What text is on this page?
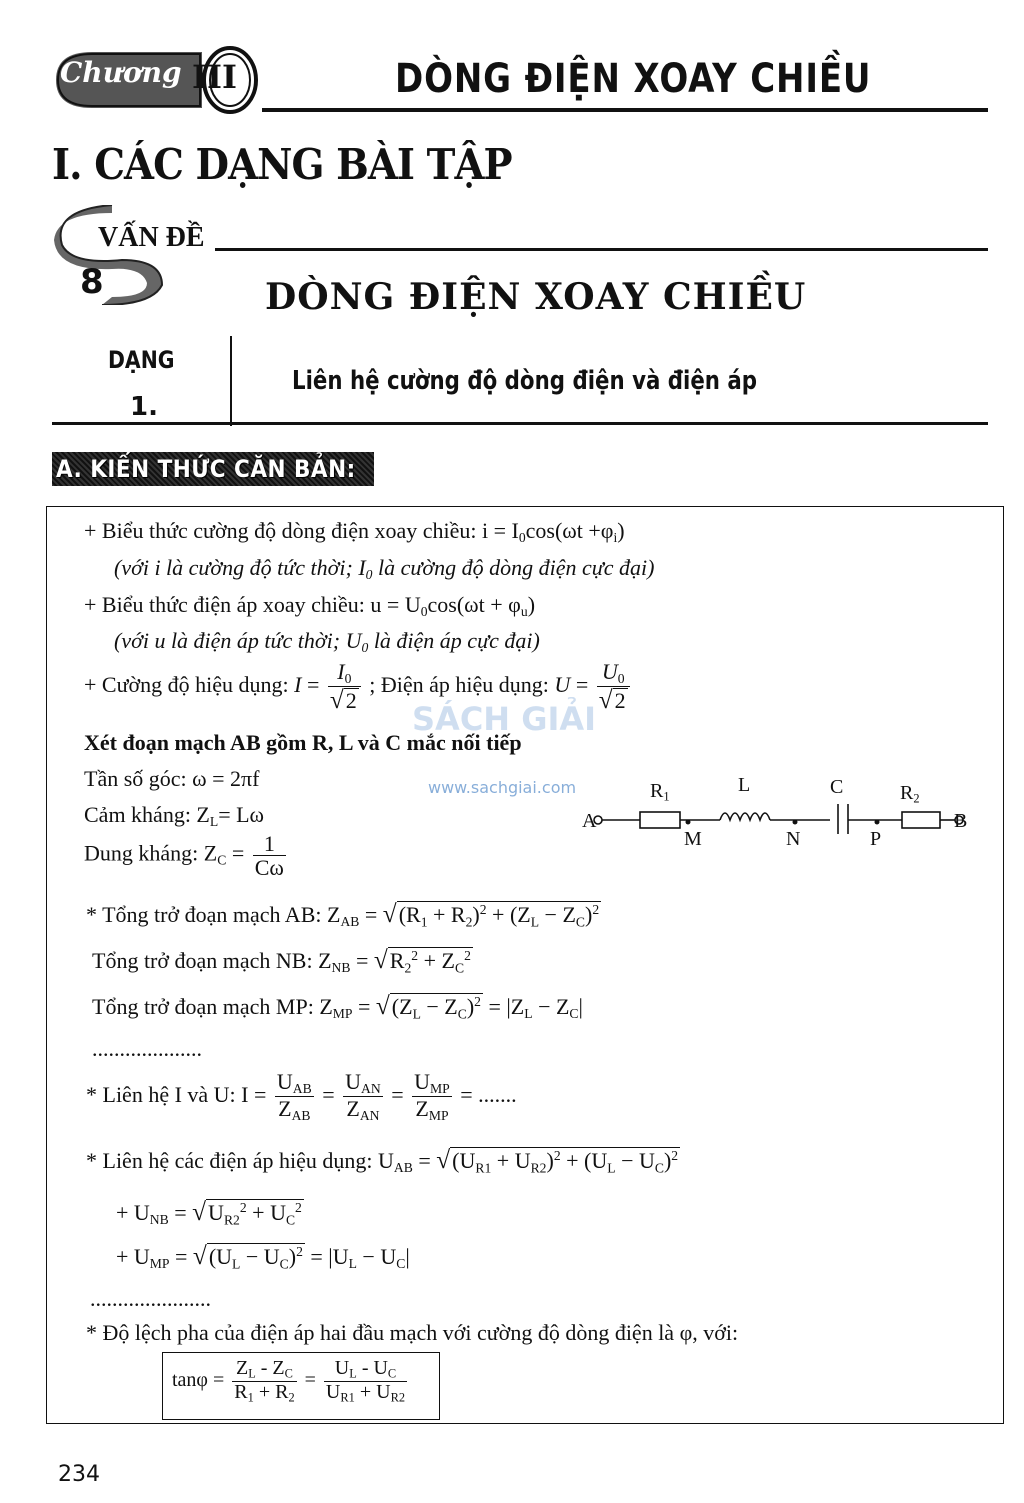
Chương III	DÒNG ĐIỆN XOAY CHIỀU
I. CÁC DẠNG BÀI TẬP
VẤN ĐỀ
8	DÒNG ĐIỆN XOAY CHIỀU
DẠNG
1.
Liên hệ cường độ dòng điện và điện áp
A. KIẾN THỨC CĂN BẢN:
SÁCH GIẢI
www.sachgiai.com
+ Biểu thức cường độ dòng điện xoay chiều: $i = I_0\cos(\omega t +\varphi_i)$
(với i là cường độ tức thời; $I_0$ là cường độ dòng điện cực đại)
+ Biểu thức điện áp xoay chiều: $u = U_0\cos(\omega t + \varphi_u)$
(với u là điện áp tức thời; $U_0$ là điện áp cực đại)
+ Cường độ hiệu dụng: $I = \frac{I_0}{√2}$ ; Điện áp hiệu dụng: $U = \frac{U_0}{√2}$
Xét đoạn mạch AB gồm R, L và C mắc nối tiếp
Tần số góc: ω = 2πf
Cảm kháng: $Z_L= L\omega$
Dung kháng: $Z_C = \frac{1}{C\omega}$
A	B
M	N	P
$R_1$
L	C	$R_2$
* Tổng trở đoạn mạch AB: $Z_{AB} = √(R_1 + R_2)^2 + (Z_L - Z_C)^2$
Tổng trở đoạn mạch NB: $Z_{NB} = √R_2^2 + Z_C^2$
Tổng trở đoạn mạch MP: $Z_{MP} = √(Z_L - Z_C)^2 = |Z_L - Z_C|$
....................
* Liên hệ I và U: $I = \frac{U_{AB}}{Z_{AB}} = \frac{U_{AN}}{Z_{AN}} = \frac{U_{MP}}{Z_{MP}}$ = .......
* Liên hệ các điện áp hiệu dụng: $U_{AB} = √(U_{R1} + U_{R2})^2 + (U_L - U_C)^2$
+ $U_{NB} = √U_{R2}^2 + U_C^2$
+ $U_{MP} = √(U_L - U_C)^2 = |U_L - U_C|$
......................
* Độ lệch pha của điện áp hai đầu mạch với cường độ dòng điện là φ, với:
$\tan\varphi = \frac{Z_L - Z_C}{R_1 + R_2} = \frac{U_L - U_C}{U_{R1} + U_{R2}}$
234
